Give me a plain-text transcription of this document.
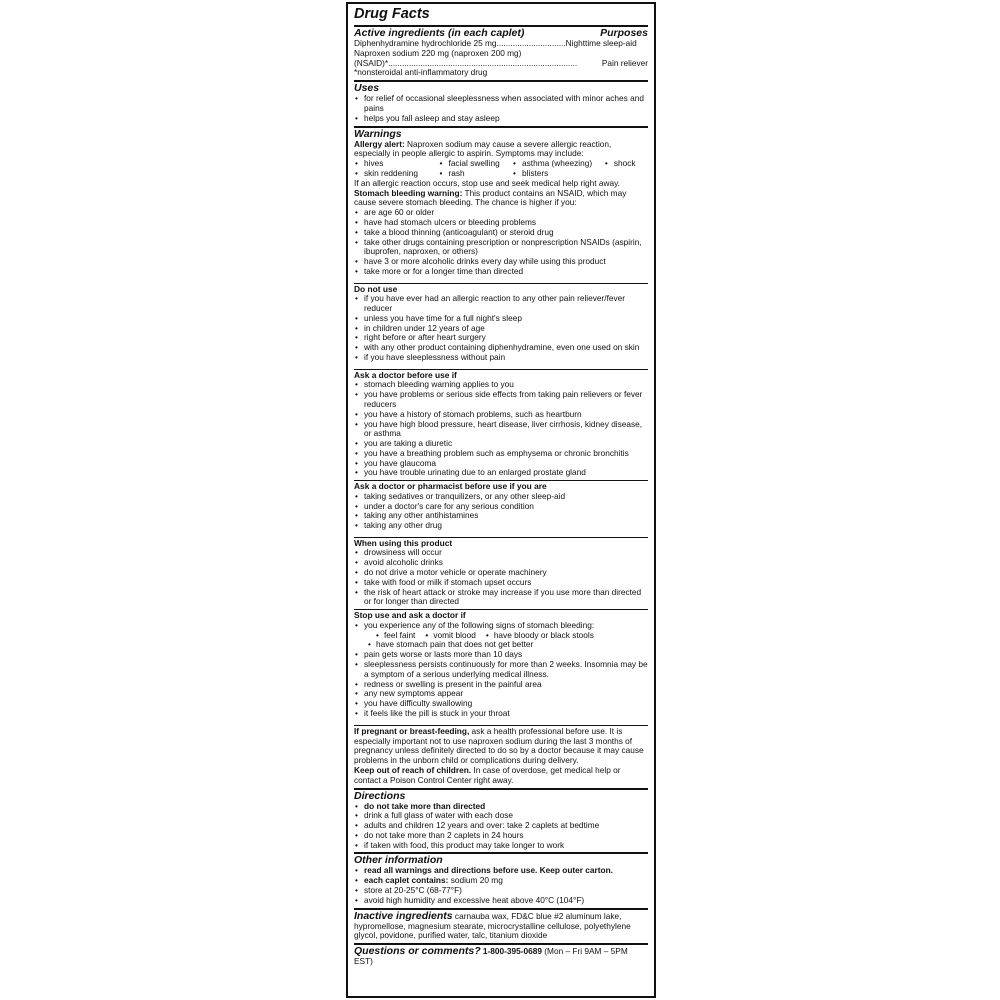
Drug Facts
Active ingredients (in each caplet)	Purposes
Diphenhydramine hydrochloride 25 mg..............................Nighttime sleep-aid
Naproxen sodium 220 mg (naproxen 200 mg)
(NSAID)*..................................................................................	Pain reliever
*nonsteroidal anti-inflammatory drug
Uses
• for relief of occasional sleeplessness when associated with minor aches and pains
• helps you fall asleep and stay asleep
Warnings
Allergy alert: Naproxen sodium may cause a severe allergic reaction, especially in people allergic to aspirin. Symptoms may include:
• hives	• facial swelling	• asthma (wheezing)	• shock
• skin reddening	• rash	• blisters
If an allergic reaction occurs, stop use and seek medical help right away.
Stomach bleeding warning: This product contains an NSAID, which may cause severe stomach bleeding. The chance is higher if you:
• are age 60 or older
• have had stomach ulcers or bleeding problems
• take a blood thinning (anticoagulant) or steroid drug
• take other drugs containing prescription or nonprescription NSAIDs (aspirin, ibuprofen, naproxen, or others)
• have 3 or more alcoholic drinks every day while using this product
• take more or for a longer time than directed
Do not use
• if you have ever had an allergic reaction to any other pain reliever/fever reducer
• unless you have time for a full night's sleep
• in children under 12 years of age
• right before or after heart surgery
• with any other product containing diphenhydramine, even one used on skin
• if you have sleeplessness without pain
Ask a doctor before use if
• stomach bleeding warning applies to you
• you have problems or serious side effects from taking pain relievers or fever reducers
• you have a history of stomach problems, such as heartburn
• you have high blood pressure, heart disease, liver cirrhosis, kidney disease, or asthma
• you are taking a diuretic
• you have a breathing problem such as emphysema or chronic bronchitis
• you have glaucoma
• you have trouble urinating due to an enlarged prostate gland
Ask a doctor or pharmacist before use if you are
• taking sedatives or tranquilizers, or any other sleep-aid
• under a doctor's care for any serious condition
• taking any other antihistamines
• taking any other drug
When using this product
• drowsiness will occur
• avoid alcoholic drinks
• do not drive a motor vehicle or operate machinery
• take with food or milk if stomach upset occurs
• the risk of heart attack or stroke may increase if you use more than directed or for longer than directed
Stop use and ask a doctor if
• you experience any of the following signs of stomach bleeding:
• feel faint	• vomit blood	• have bloody or black stools
• have stomach pain that does not get better
• pain gets worse or lasts more than 10 days
• sleeplessness persists continuously for more than 2 weeks. Insomnia may be a symptom of a serious underlying medical illness.
• redness or swelling is present in the painful area
• any new symptoms appear
• you have difficulty swallowing
• it feels like the pill is stuck in your throat
If pregnant or breast-feeding, ask a health professional before use. It is especially important not to use naproxen sodium during the last 3 months of pregnancy unless definitely directed to do so by a doctor because it may cause problems in the unborn child or complications during delivery.
Keep out of reach of children. In case of overdose, get medical help or contact a Poison Control Center right away.
Directions
• do not take more than directed
• drink a full glass of water with each dose
• adults and children 12 years and over: take 2 caplets at bedtime
• do not take more than 2 caplets in 24 hours
• if taken with food, this product may take longer to work
Other information
• read all warnings and directions before use. Keep outer carton.
• each caplet contains: sodium 20 mg
• store at 20-25°C (68-77°F)
• avoid high humidity and excessive heat above 40°C (104°F)
Inactive ingredients carnauba wax, FD&C blue #2 aluminum lake, hypromellose, magnesium stearate, microcrystalline cellulose, polyethylene glycol, povidone, purified water, talc, titanium dioxide
Questions or comments? 1-800-395-0689 (Mon – Fri 9AM – 5PM EST)
